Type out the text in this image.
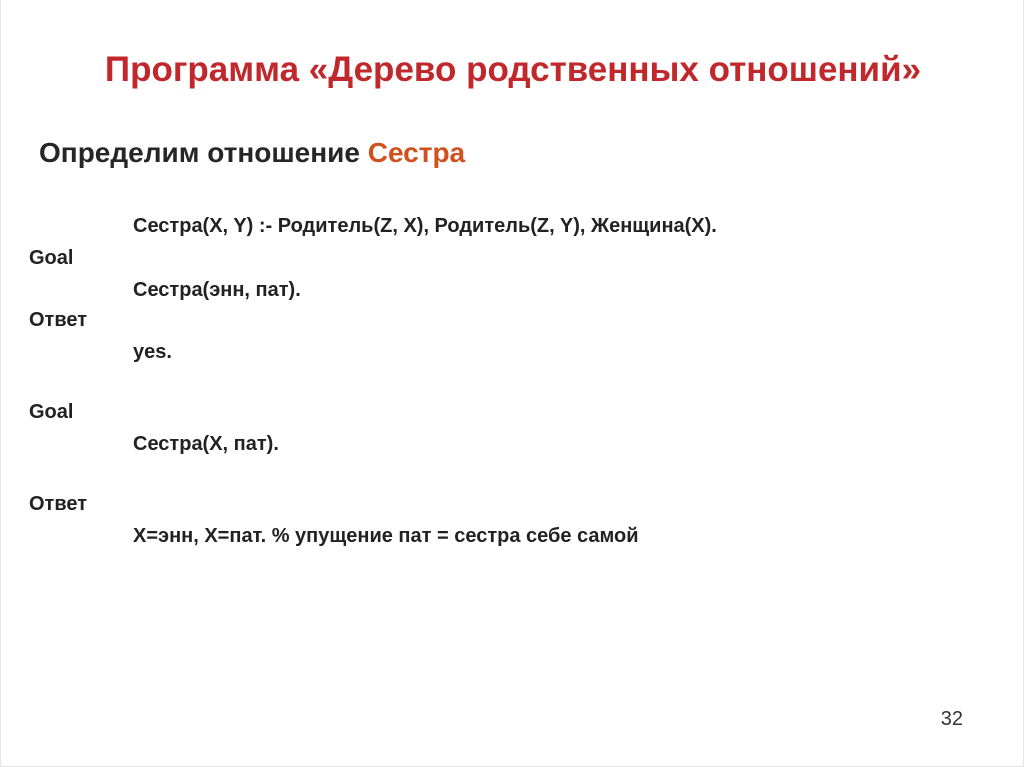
Программа «Дерево родственных отношений»
Определим отношение Сестра

Сестра(X, Y) :- Родитель(Z, X), Родитель(Z, Y), Женщина(X).

Goal

Сестра(энн, пат).

Ответ

yes.

Goal

Сестра(X, пат).

Ответ

X=энн, X=пат. % упущение пат = сестра себе самой

32
